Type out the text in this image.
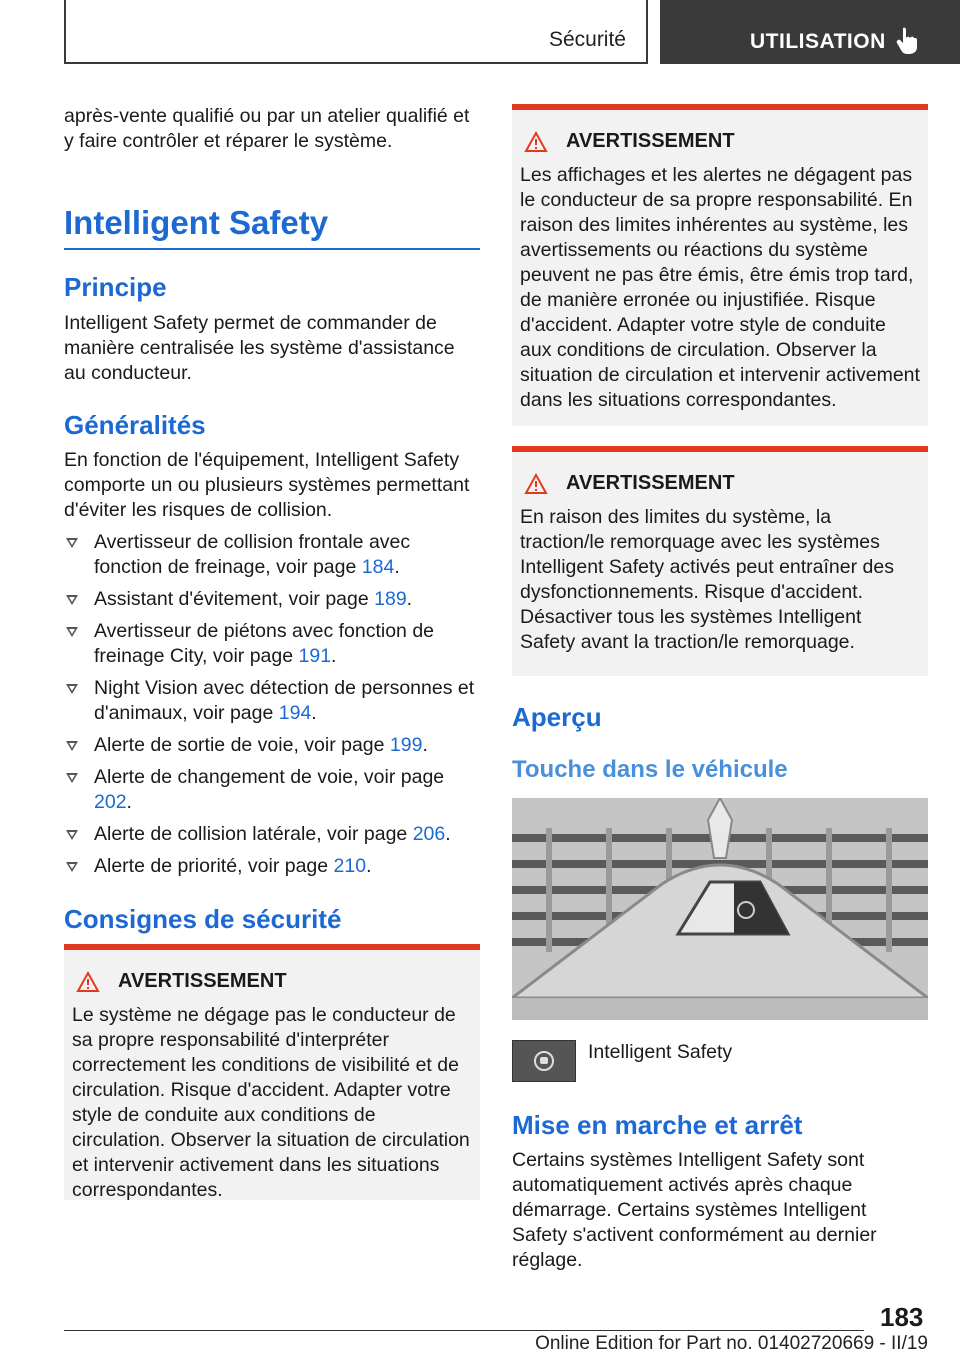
Sécurité	UTILISATION

après-vente qualifié ou par un atelier qualifié et y faire contrôler et réparer le système.

Intelligent Safety
Principe

Intelligent Safety permet de commander de manière centralisée les système d'assistance au conducteur.

Généralités

En fonction de l'équipement, Intelligent Safety comporte un ou plusieurs systèmes permettant d'éviter les risques de collision.

Avertisseur de collision frontale avec fonction de freinage, voir page 184.
Assistant d'évitement, voir page 189.
Avertisseur de piétons avec fonction de freinage City, voir page 191.
Night Vision avec détection de personnes et d'animaux, voir page 194.
Alerte de sortie de voie, voir page 199.
Alerte de changement de voie, voir page 202.
Alerte de collision latérale, voir page 206.
Alerte de priorité, voir page 210.
Consignes de sécurité
AVERTISSEMENT

Le système ne dégage pas le conducteur de sa propre responsabilité d'interpréter correctement les conditions de visibilité et de circulation. Risque d'accident. Adapter votre style de conduite aux conditions de circulation. Observer la situation de circulation et intervenir activement dans les situations correspondantes.

AVERTISSEMENT

Les affichages et les alertes ne dégagent pas le conducteur de sa propre responsabilité. En raison des limites inhérentes au système, les avertissements ou réactions du système peuvent ne pas être émis, être émis trop tard, de manière erronée ou injustifiée. Risque d'accident. Adapter votre style de conduite aux conditions de circulation. Observer la situation de circulation et intervenir activement dans les situations correspondantes.

AVERTISSEMENT

En raison des limites du système, la traction/le remorquage avec les systèmes Intelligent Safety activés peut entraîner des dysfonctionnements. Risque d'accident. Désactiver tous les systèmes Intelligent Safety avant la traction/le remorquage.

Aperçu
Touche dans le véhicule
Intelligent Safety
Mise en marche et arrêt

Certains systèmes Intelligent Safety sont automatiquement activés après chaque démarrage. Certains systèmes Intelligent Safety s'activent conformément au dernier réglage.

183
Online Edition for Part no. 01402720669 - II/19
